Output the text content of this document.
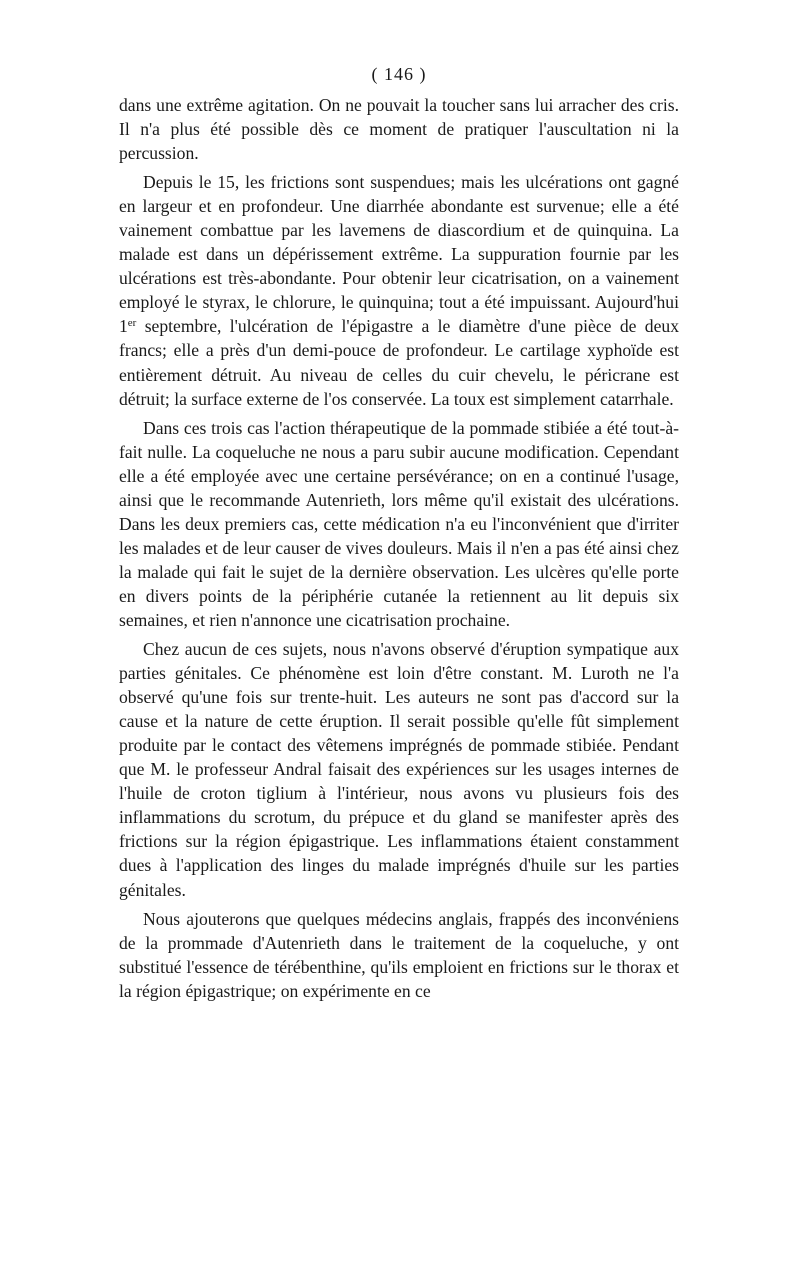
( 146 )

dans une extrême agitation. On ne pouvait la toucher sans lui arracher des cris. Il n'a plus été possible dès ce moment de pratiquer l'auscultation ni la percussion.

Depuis le 15, les frictions sont suspendues; mais les ulcérations ont gagné en largeur et en profondeur. Une diarrhée abondante est survenue; elle a été vainement combattue par les lavemens de diascordium et de quinquina. La malade est dans un dépérissement extrême. La suppuration fournie par les ulcérations est très-abondante. Pour obtenir leur cicatrisation, on a vainement employé le styrax, le chlorure, le quinquina; tout a été impuissant. Aujourd'hui 1er septembre, l'ulcération de l'épigastre a le diamètre d'une pièce de deux francs; elle a près d'un demi-pouce de profondeur. Le cartilage xyphoïde est entièrement détruit. Au niveau de celles du cuir chevelu, le péricrane est détruit; la surface externe de l'os conservée. La toux est simplement catarrhale.

Dans ces trois cas l'action thérapeutique de la pommade stibiée a été tout-à-fait nulle. La coqueluche ne nous a paru subir aucune modification. Cependant elle a été employée avec une certaine persévérance; on en a continué l'usage, ainsi que le recommande Autenrieth, lors même qu'il existait des ulcérations. Dans les deux premiers cas, cette médication n'a eu l'inconvénient que d'irriter les malades et de leur causer de vives douleurs. Mais il n'en a pas été ainsi chez la malade qui fait le sujet de la dernière observation. Les ulcères qu'elle porte en divers points de la périphérie cutanée la retiennent au lit depuis six semaines, et rien n'annonce une cicatrisation prochaine.

Chez aucun de ces sujets, nous n'avons observé d'éruption sympatique aux parties génitales. Ce phénomène est loin d'être constant. M. Luroth ne l'a observé qu'une fois sur trente-huit. Les auteurs ne sont pas d'accord sur la cause et la nature de cette éruption. Il serait possible qu'elle fût simplement produite par le contact des vêtemens imprégnés de pommade stibiée. Pendant que M. le professeur Andral faisait des expériences sur les usages internes de l'huile de croton tiglium à l'intérieur, nous avons vu plusieurs fois des inflammations du scrotum, du prépuce et du gland se manifester après des frictions sur la région épigastrique. Les inflammations étaient constamment dues à l'application des linges du malade imprégnés d'huile sur les parties génitales.

Nous ajouterons que quelques médecins anglais, frappés des inconvéniens de la prommade d'Autenrieth dans le traitement de la coqueluche, y ont substitué l'essence de térébenthine, qu'ils emploient en frictions sur le thorax et la région épigastrique; on expérimente en ce
